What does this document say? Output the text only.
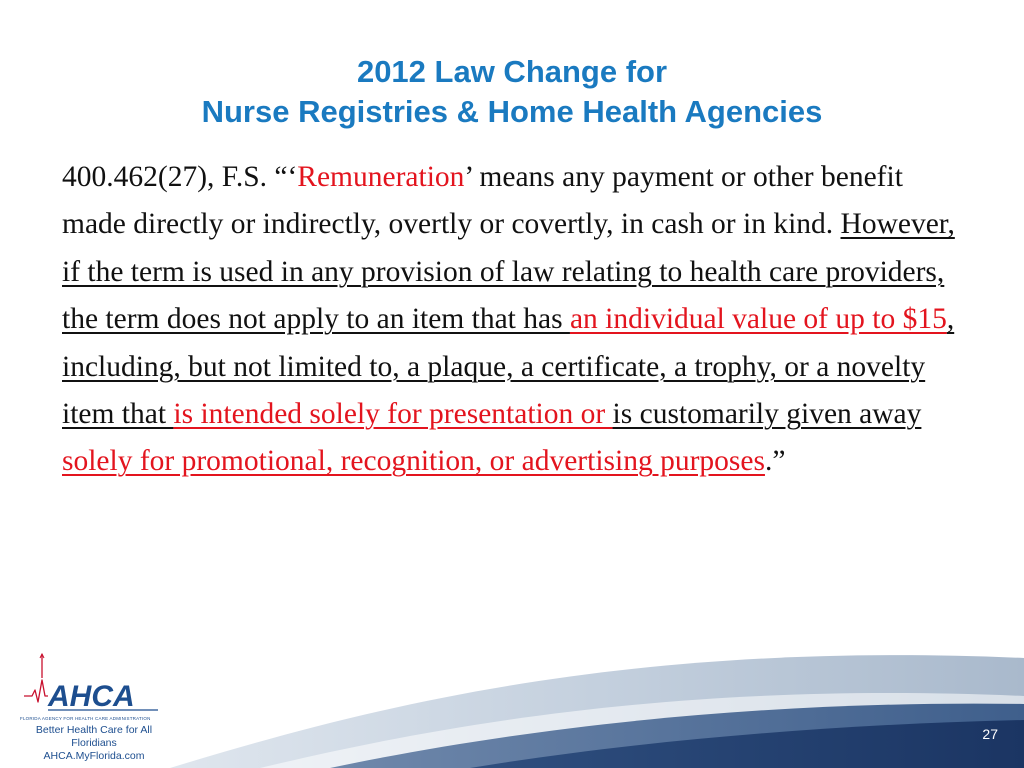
2012 Law Change for
Nurse Registries & Home Health Agencies
400.462(27), F.S. “‘Remuneration’ means any payment or other benefit made directly or indirectly, overtly or covertly, in cash or in kind. However, if the term is used in any provision of law relating to health care providers, the term does not apply to an item that has an individual value of up to $15, including, but not limited to, a plaque, a certificate, a trophy, or a novelty item that is intended solely for presentation or is customarily given away solely for promotional, recognition, or advertising purposes.”
AHCA
FLORIDA AGENCY FOR HEALTH CARE ADMINISTRATION
Better Health Care for All Floridians
AHCA.MyFlorida.com
27
